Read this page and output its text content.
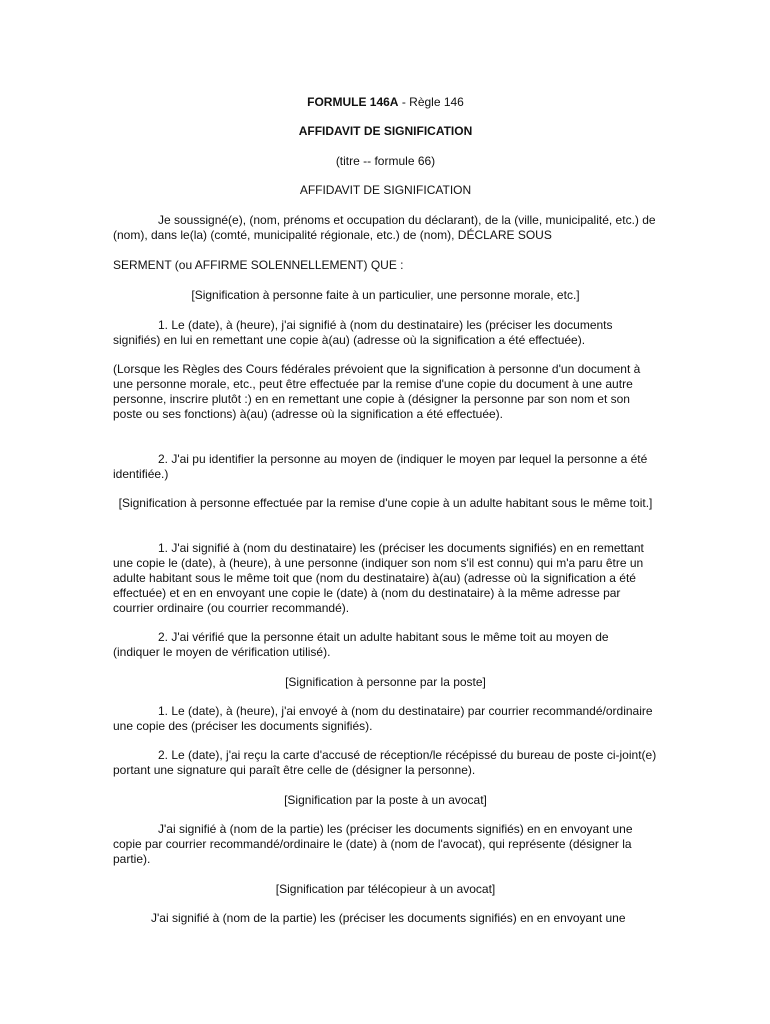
FORMULE 146A - Règle 146

AFFIDAVIT DE SIGNIFICATION

(titre -- formule 66)

AFFIDAVIT DE SIGNIFICATION

Je soussigné(e), (nom, prénoms et occupation du déclarant), de la (ville, municipalité, etc.) de (nom), dans le(la) (comté, municipalité régionale, etc.) de (nom), DÉCLARE SOUS

SERMENT (ou AFFIRME SOLENNELLEMENT) QUE :

[Signification à personne faite à un particulier, une personne morale, etc.]

1. Le (date), à (heure), j'ai signifié à (nom du destinataire) les (préciser les documents signifiés) en lui en remettant une copie à(au) (adresse où la signification a été effectuée).

(Lorsque les Règles des Cours fédérales prévoient que la signification à personne d'un document à une personne morale, etc., peut être effectuée par la remise d'une copie du document à une autre personne, inscrire plutôt :) en en remettant une copie à (désigner la personne par son nom et son poste ou ses fonctions) à(au) (adresse où la signification a été effectuée).

2. J'ai pu identifier la personne au moyen de (indiquer le moyen par lequel la personne a été identifiée.)

[Signification à personne effectuée par la remise d'une copie à un adulte habitant sous le même toit.]

1. J'ai signifié à (nom du destinataire) les (préciser les documents signifiés) en en remettant une copie le (date), à (heure), à une personne (indiquer son nom s'il est connu) qui m'a paru être un adulte habitant sous le même toit que (nom du destinataire) à(au) (adresse où la signification a été effectuée) et en en envoyant une copie le (date) à (nom du destinataire) à la même adresse par courrier ordinaire (ou courrier recommandé).

2. J'ai vérifié que la personne était un adulte habitant sous le même toit au moyen de (indiquer le moyen de vérification utilisé).

[Signification à personne par la poste]

1. Le (date), à (heure), j'ai envoyé à (nom du destinataire) par courrier recommandé/ordinaire une copie des (préciser les documents signifiés).

2. Le (date), j'ai reçu la carte d'accusé de réception/le récépissé du bureau de poste ci-joint(e) portant une signature qui paraît être celle de (désigner la personne).

[Signification par la poste à un avocat]

J'ai signifié à (nom de la partie) les (préciser les documents signifiés) en en envoyant une copie par courrier recommandé/ordinaire le (date) à (nom de l'avocat), qui représente (désigner la partie).

[Signification par télécopieur à un avocat]

J'ai signifié à (nom de la partie) les (préciser les documents signifiés) en en envoyant une
